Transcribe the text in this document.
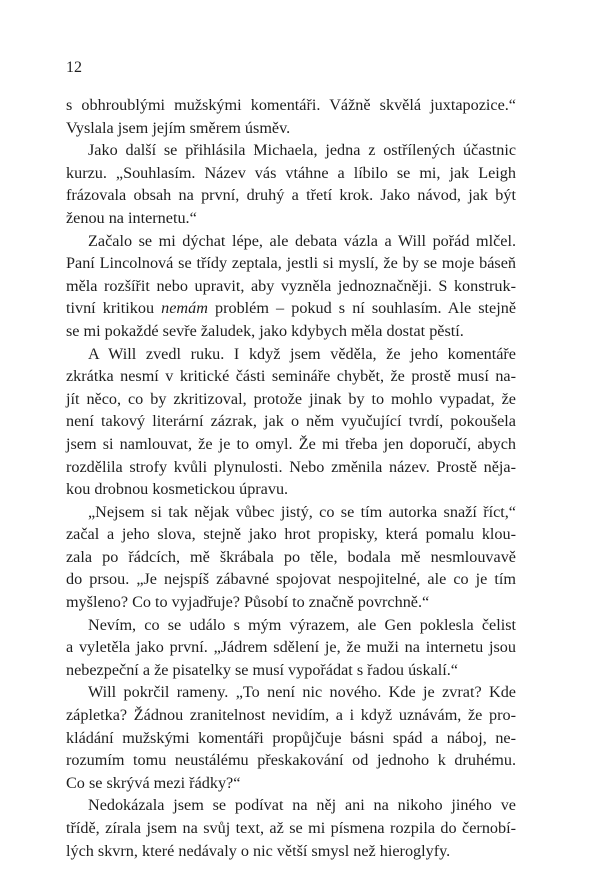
12
s obhroublými mužskými komentáři. Vážně skvělá juxtapozice.“
Vyslala jsem jejím směrem úsměv.
Jako další se přihlásila Michaela, jedna z ostřílených účastnic
kurzu. „Souhlasím. Název vás vtáhne a líbilo se mi, jak Leigh
frázovala obsah na první, druhý a třetí krok. Jako návod, jak být
ženou na internetu.“
Začalo se mi dýchat lépe, ale debata vázla a Will pořád mlčel.
Paní Lincolnová se třídy zeptala, jestli si myslí, že by se moje báseň
měla rozšířit nebo upravit, aby vyzněla jednoznačněji. S konstruk-
tivní kritikou nemám problém – pokud s ní souhlasím. Ale stejně
se mi pokaždé sevře žaludek, jako kdybych měla dostat pěstí.
A Will zvedl ruku. I když jsem věděla, že jeho komentáře
zkrátka nesmí v kritické části semináře chybět, že prostě musí na-
jít něco, co by zkritizoval, protože jinak by to mohlo vypadat, že
není takový literární zázrak, jak o něm vyučující tvrdí, pokoušela
jsem si namlouvat, že je to omyl. Že mi třeba jen doporučí, abych
rozdělila strofy kvůli plynulosti. Nebo změnila název. Prostě něja-
kou drobnou kosmetickou úpravu.
„Nejsem si tak nějak vůbec jistý, co se tím autorka snaží říct,“
začal a jeho slova, stejně jako hrot propisky, která pomalu klou-
zala po řádcích, mě škrábala po těle, bodala mě nesmlouvavě
do prsou. „Je nejspíš zábavné spojovat nespojitelné, ale co je tím
myšleno? Co to vyjadřuje? Působí to značně povrchně.“
Nevím, co se událo s mým výrazem, ale Gen poklesla čelist
a vyletěla jako první. „Jádrem sdělení je, že muži na internetu jsou
nebezpeční a že pisatelky se musí vypořádat s řadou úskalí.“
Will pokrčil rameny. „To není nic nového. Kde je zvrat? Kde
zápletka? Žádnou zranitelnost nevidím, a i když uznávám, že pro-
kládání mužskými komentáři propůjčuje básni spád a náboj, ne-
rozumím tomu neustálému přeskakování od jednoho k druhému.
Co se skrývá mezi řádky?“
Nedokázala jsem se podívat na něj ani na nikoho jiného ve
třídě, zírala jsem na svůj text, až se mi písmena rozpila do černobí-
lých skvrn, které nedávaly o nic větší smysl než hieroglyfy.
